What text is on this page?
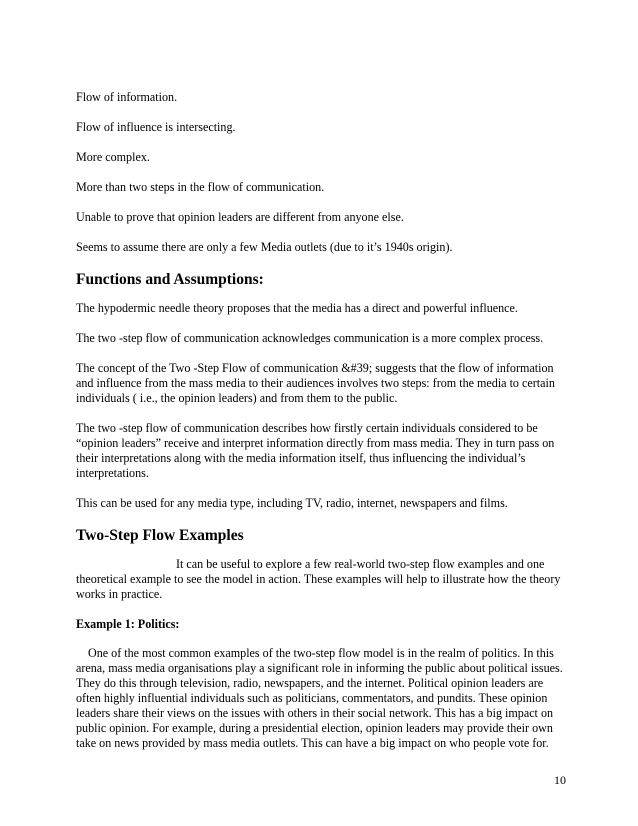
Flow of information.
Flow of influence is intersecting.
More complex.
More than two steps in the flow of communication.
Unable to prove that opinion leaders are different from anyone else.
Seems to assume there are only a few Media outlets (due to it’s 1940s origin).
Functions and Assumptions:

The hypodermic needle theory proposes that the media has a direct and powerful influence.

The two -step flow of communication acknowledges communication is a more complex process.

The concept of the Two -Step Flow of communication &#39; suggests that the flow of information and influence from the mass media to their audiences involves two steps: from the media to certain individuals ( i.e., the opinion leaders) and from them to the public.

The two -step flow of communication describes how firstly certain individuals considered to be “opinion leaders” receive and interpret information directly from mass media. They in turn pass on their interpretations along with the media information itself, thus influencing the individual’s interpretations.

This can be used for any media type, including TV, radio, internet, newspapers and films.

Two-Step Flow Examples

It can be useful to explore a few real-world two-step flow examples and one theoretical example to see the model in action. These examples will help to illustrate how the theory works in practice.

Example 1: Politics:

One of the most common examples of the two-step flow model is in the realm of politics. In this arena, mass media organisations play a significant role in informing the public about political issues. They do this through television, radio, newspapers, and the internet. Political opinion leaders are often highly influential individuals such as politicians, commentators, and pundits. These opinion leaders share their views on the issues with others in their social network. This has a big impact on public opinion. For example, during a presidential election, opinion leaders may provide their own take on news provided by mass media outlets. This can have a big impact on who people vote for.

10
